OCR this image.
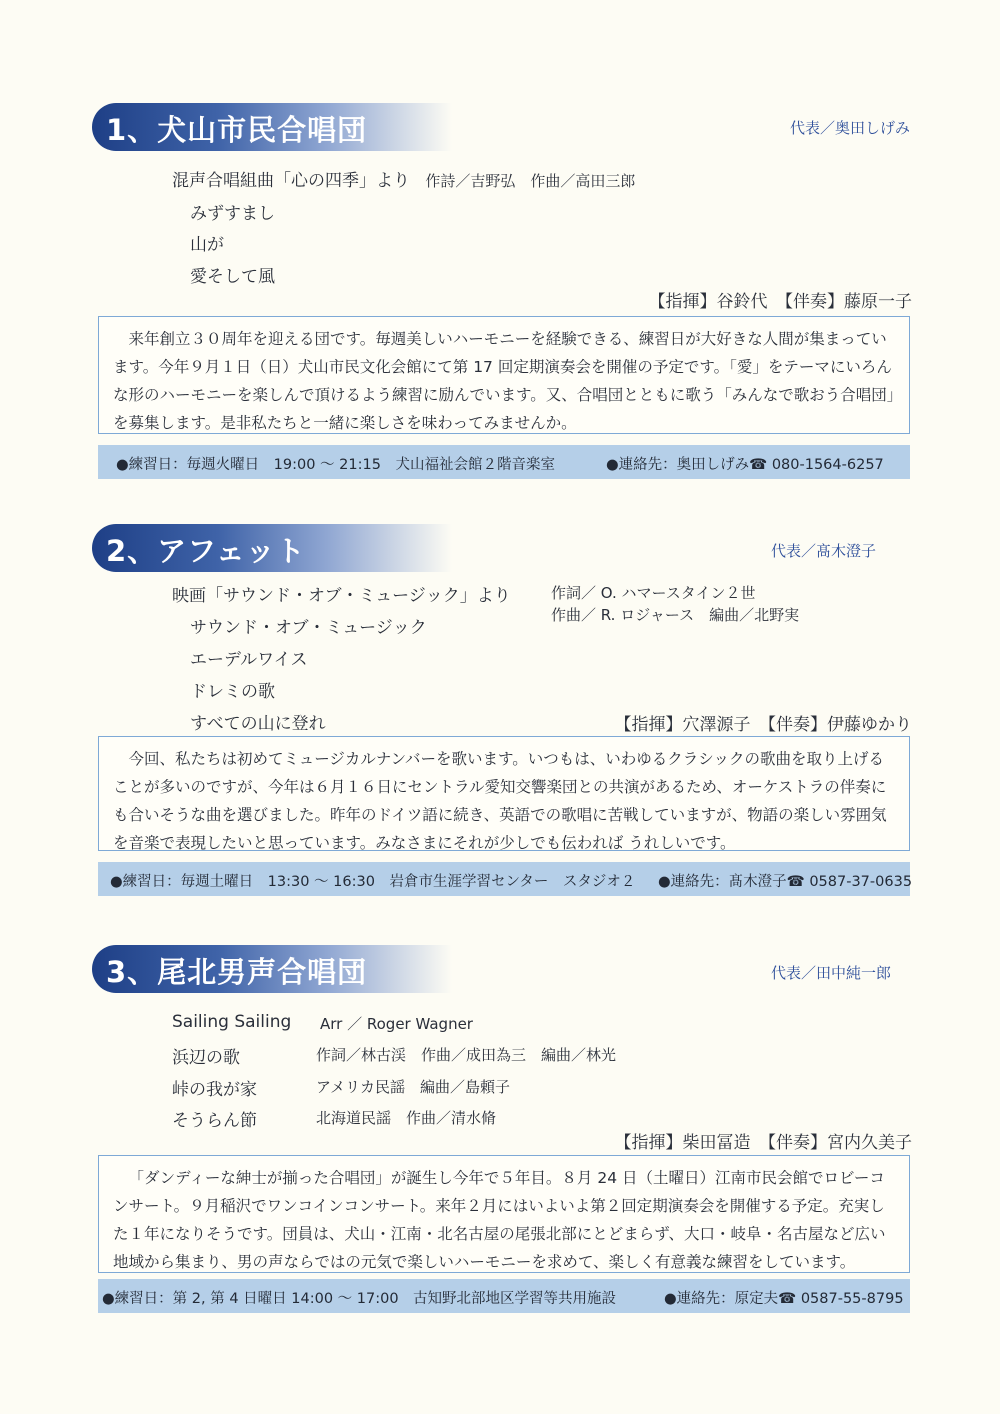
1、犬山市民合唱団	代表／奥田しげみ
混声合唱組曲「心の四季」より 作詩／吉野弘　作曲／高田三郎
みずすまし
山が
愛そして風
【指揮】谷鈴代　【伴奏】藤原一子
来年創立３０周年を迎える団です。毎週美しいハーモニーを経験できる、練習日が大好きな人間が集まっています。今年９月１日（日）犬山市民文化会館にて第 17 回定期演奏会を開催の予定です。「愛」をテーマにいろんな形のハーモニーを楽しんで頂けるよう練習に励んでいます。又、合唱団とともに歌う「みんなで歌おう合唱団」を募集します。是非私たちと一緒に楽しさを味わってみませんか。
●練習日：毎週火曜日　19:00 ～ 21:15　犬山福祉会館２階音楽室	●連絡先：奥田しげみ☎ 080-1564-6257
2、アフェット	代表／髙木澄子
映画「サウンド・オブ・ミュージック」より	作詞／ O. ハマースタイン２世
作曲／ R. ロジャース　編曲／北野実
サウンド・オブ・ミュージック
エーデルワイス
ドレミの歌
すべての山に登れ	【指揮】穴澤源子　【伴奏】伊藤ゆかり
今回、私たちは初めてミュージカルナンバーを歌います。いつもは、いわゆるクラシックの歌曲を取り上げることが多いのですが、今年は６月１６日にセントラル愛知交響楽団との共演があるため、オーケストラの伴奏にも合いそうな曲を選びました。昨年のドイツ語に続き、英語での歌唱に苦戦していますが、物語の楽しい雰囲気を音楽で表現したいと思っています。みなさまにそれが少しでも伝われば うれしいです。
●練習日：毎週土曜日　13:30 ～ 16:30　岩倉市生涯学習センター　スタジオ２ ●連絡先：髙木澄子☎ 0587-37-0635
3、尾北男声合唱団	代表／田中純一郎
Sailing Sailing Arr ／ Roger Wagner
浜辺の歌	作詞／林古渓　作曲／成田為三　編曲／林光
峠の我が家	アメリカ民謡　編曲／島頼子
そうらん節	北海道民謡　作曲／清水脩
【指揮】柴田冨造　【伴奏】宮内久美子
「ダンディーな紳士が揃った合唱団」が誕生し今年で５年目。８月 24 日（土曜日）江南市民会館でロビーコンサート。９月稲沢でワンコインコンサート。来年２月にはいよいよ第２回定期演奏会を開催する予定。充実した１年になりそうです。団員は、犬山・江南・北名古屋の尾張北部にとどまらず、大口・岐阜・名古屋など広い地域から集まり、男の声ならではの元気で楽しいハーモニーを求めて、楽しく有意義な練習をしています。
●練習日：第 2, 第 4 日曜日 14:00 ～ 17:00　古知野北部地区学習等共用施設	●連絡先：原定夫☎ 0587-55-8795
